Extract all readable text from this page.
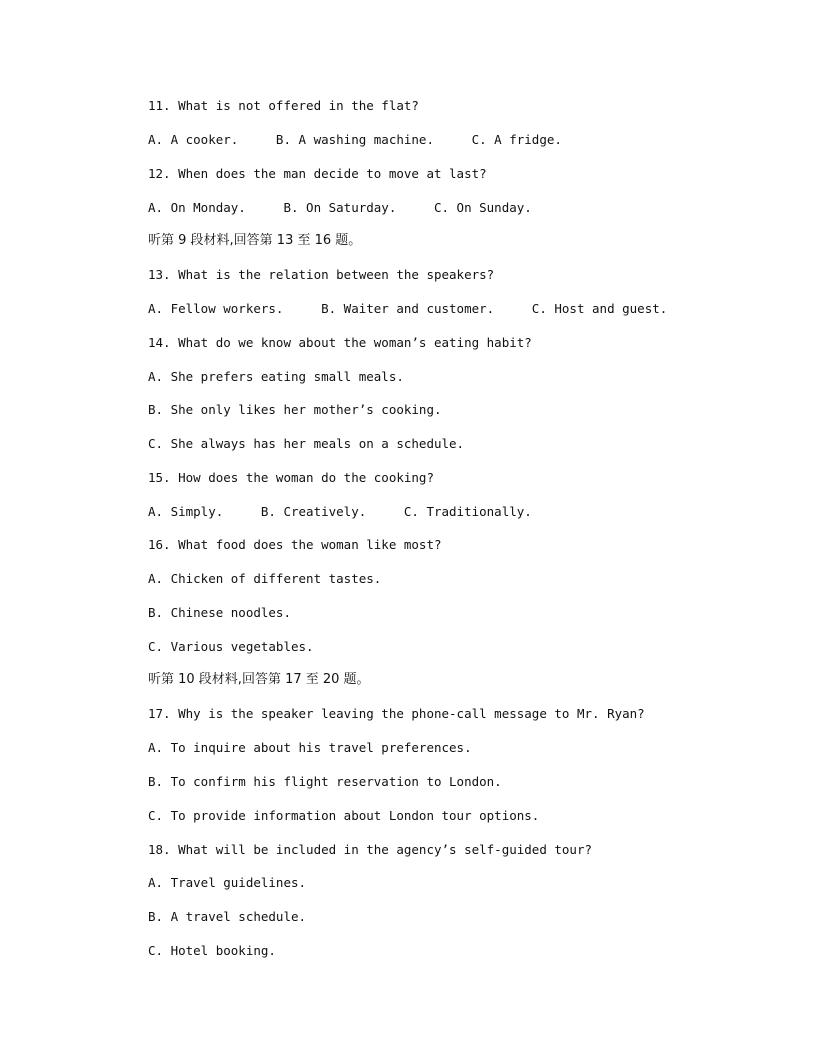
11. What is not offered in the flat?
A. A cooker.     B. A washing machine.     C. A fridge.
12. When does the man decide to move at last?
A. On Monday.     B. On Saturday.     C. On Sunday.
听第 9 段材料,回答第 13 至 16 题。
13. What is the relation between the speakers?
A. Fellow workers.     B. Waiter and customer.     C. Host and guest.
14. What do we know about the woman’s eating habit?
A. She prefers eating small meals.
B. She only likes her mother’s cooking.
C. She always has her meals on a schedule.
15. How does the woman do the cooking?
A. Simply.     B. Creatively.     C. Traditionally.
16. What food does the woman like most?
A. Chicken of different tastes.
B. Chinese noodles.
C. Various vegetables.
听第 10 段材料,回答第 17 至 20 题。
17. Why is the speaker leaving the phone-call message to Mr. Ryan?
A. To inquire about his travel preferences.
B. To confirm his flight reservation to London.
C. To provide information about London tour options.
18. What will be included in the agency’s self-guided tour?
A. Travel guidelines.
B. A travel schedule.
C. Hotel booking.
